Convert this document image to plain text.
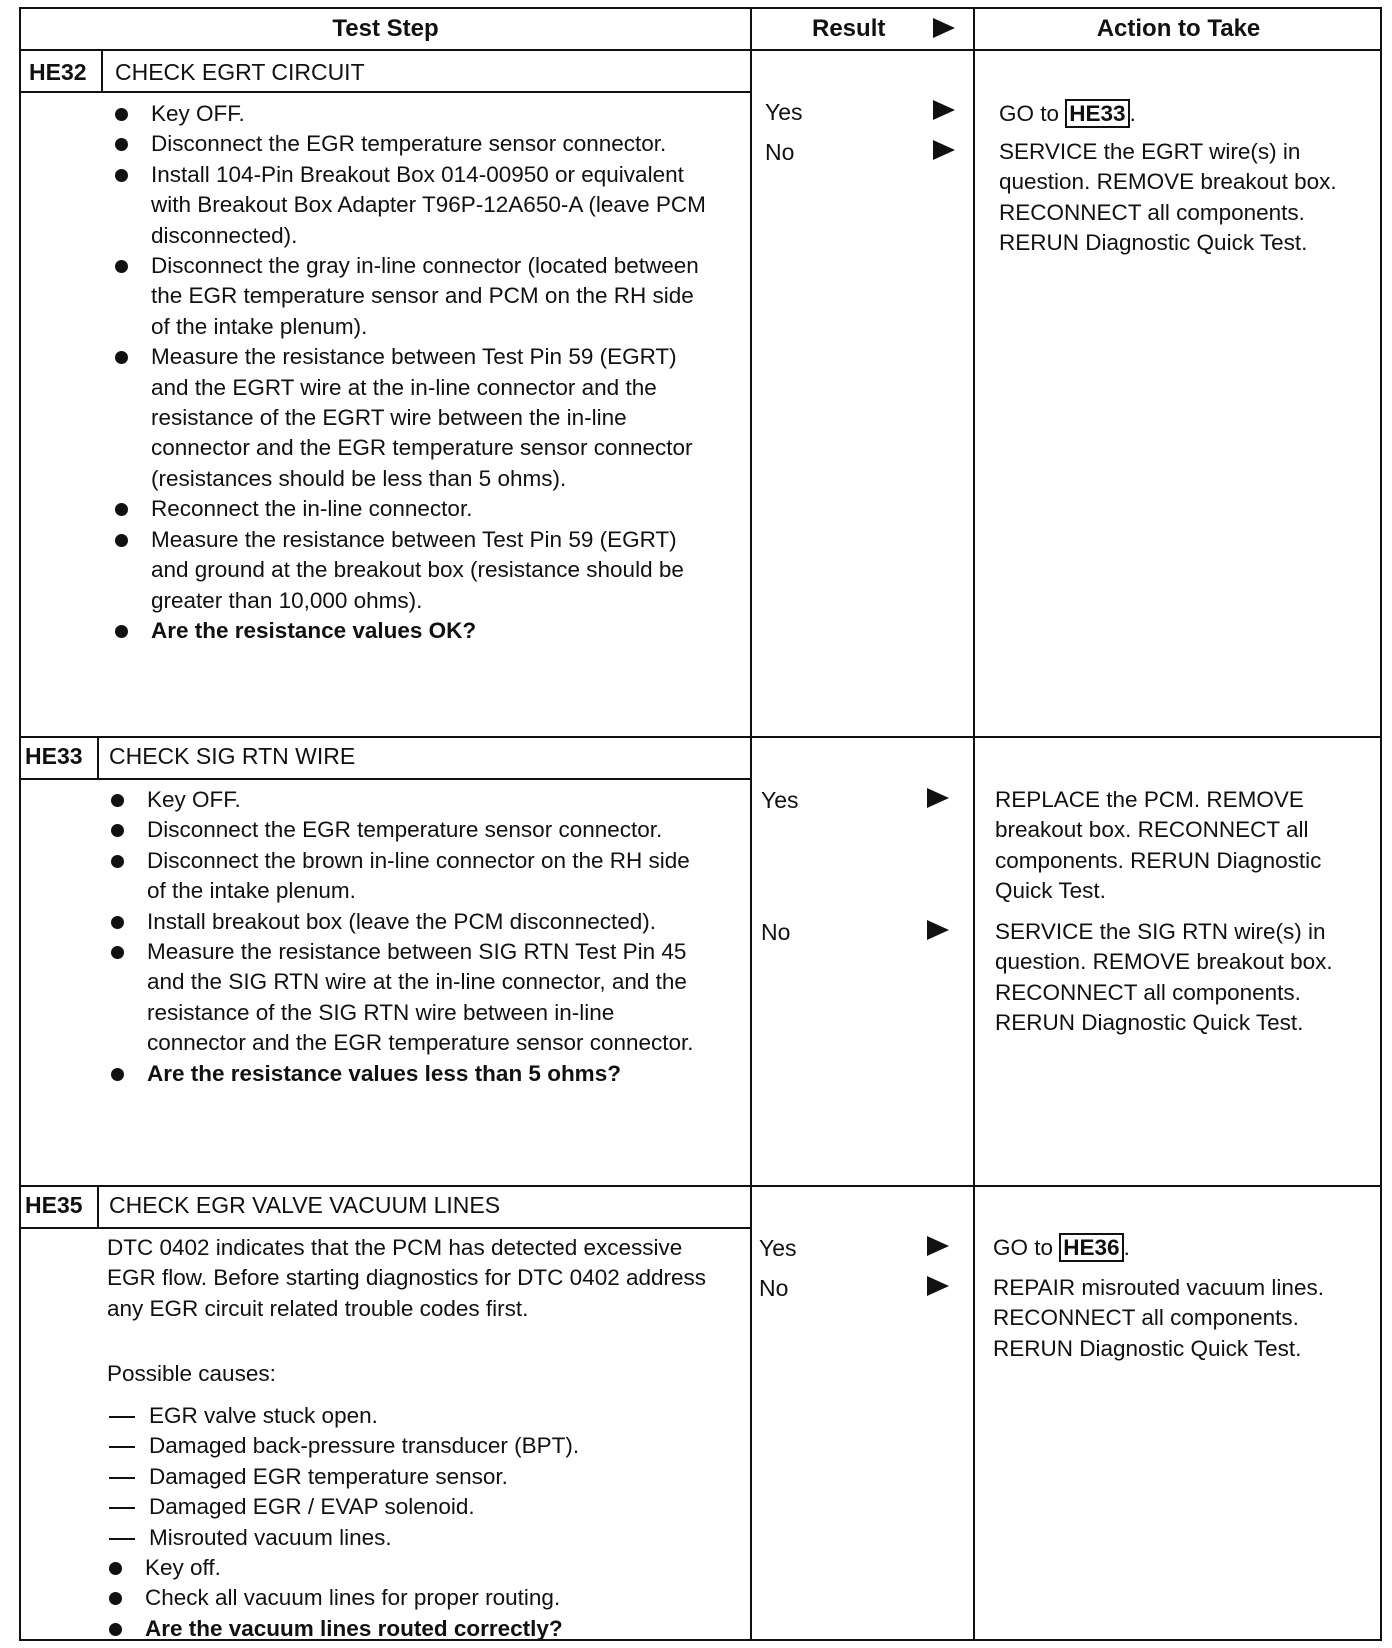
Test Step	Result	Action to Take
HE32 CHECK EGRT CIRCUIT
Key OFF.
Disconnect the EGR temperature sensor connector.
Install 104-Pin Breakout Box 014-00950 or equivalent with Breakout Box Adapter T96P-12A650-A (leave PCM disconnected).
Disconnect the gray in-line connector (located between the EGR temperature sensor and PCM on the RH side of the intake plenum).
Measure the resistance between Test Pin 59 (EGRT) and the EGRT wire at the in-line connector and the resistance of the EGRT wire between the in-line connector and the EGR temperature sensor connector (resistances should be less than 5 ohms).
Reconnect the in-line connector.
Measure the resistance between Test Pin 59 (EGRT) and ground at the breakout box (resistance should be greater than 10,000 ohms).
Are the resistance values OK?
Yes	GO to HE33 .
No	SERVICE the EGRT wire(s) in question. REMOVE breakout box. RECONNECT all components. RERUN Diagnostic Quick Test.
HE33 CHECK SIG RTN WIRE
Key OFF.
Disconnect the EGR temperature sensor connector.
Disconnect the brown in-line connector on the RH side of the intake plenum.
Install breakout box (leave the PCM disconnected).
Measure the resistance between SIG RTN Test Pin 45 and the SIG RTN wire at the in-line connector, and the resistance of the SIG RTN wire between in-line connector and the EGR temperature sensor connector.
Are the resistance values less than 5 ohms?
Yes	REPLACE the PCM. REMOVE breakout box. RECONNECT all components. RERUN Diagnostic Quick Test.
No	SERVICE the SIG RTN wire(s) in question. REMOVE breakout box. RECONNECT all components. RERUN Diagnostic Quick Test.
HE35 CHECK EGR VALVE VACUUM LINES
DTC 0402 indicates that the PCM has detected excessive EGR flow. Before starting diagnostics for DTC 0402 address any EGR circuit related trouble codes first.
Possible causes:
EGR valve stuck open.
Damaged back-pressure transducer (BPT).
Damaged EGR temperature sensor.
Damaged EGR / EVAP solenoid.
Misrouted vacuum lines.
Key off.
Check all vacuum lines for proper routing.
Are the vacuum lines routed correctly?
Yes	GO to HE36 .
No	REPAIR misrouted vacuum lines. RECONNECT all components. RERUN Diagnostic Quick Test.
